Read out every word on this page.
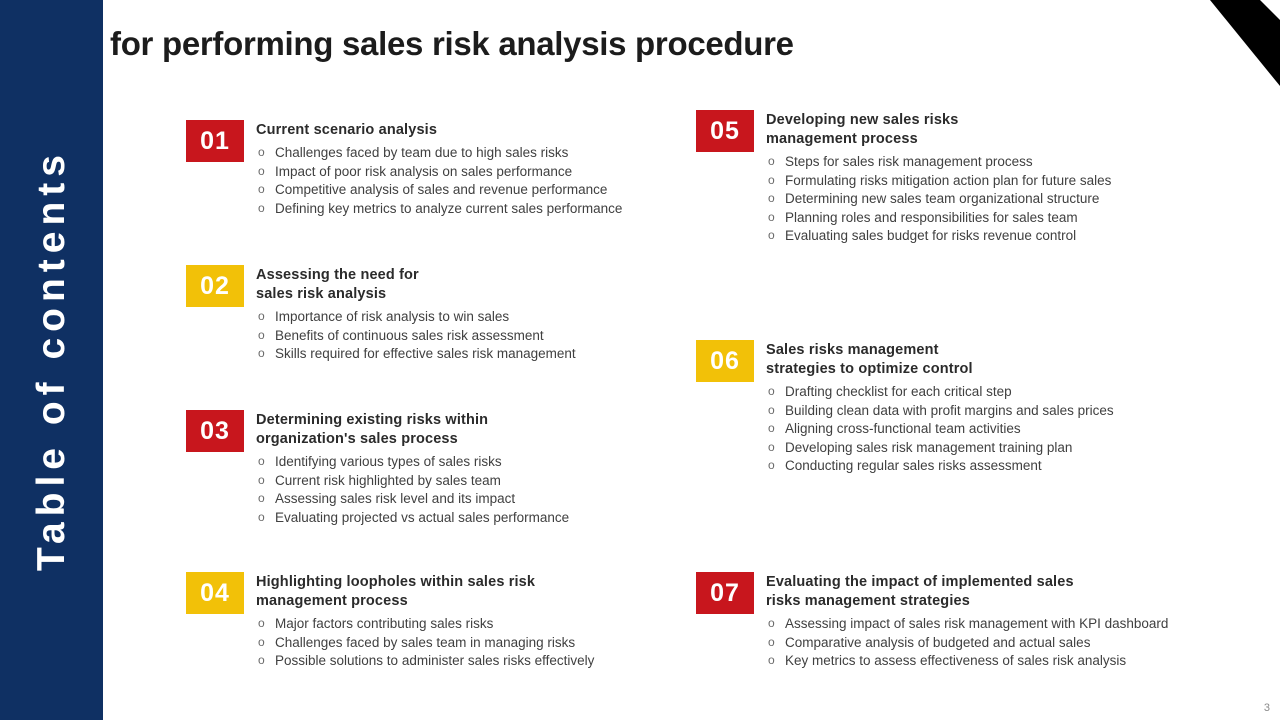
Table of contents
for performing sales risk analysis procedure
01	Current scenario analysis
o Challenges faced by team due to high sales risks
o Impact of poor risk analysis on sales performance
o Competitive analysis of sales and revenue performance
o Defining key metrics to analyze current sales performance
02	Assessing the need for
sales risk analysis
o Importance of risk analysis to win sales
o Benefits of continuous sales risk assessment
o Skills required for effective sales risk management
03	Determining existing risks within
organization's sales process
o Identifying various types of sales risks
o Current risk highlighted by sales team
o Assessing sales risk level and its impact
o Evaluating projected vs actual sales performance
04	Highlighting loopholes within sales risk
management process
o Major factors contributing sales risks
o Challenges faced by sales team in managing risks
o Possible solutions to administer sales risks effectively
05	Developing new sales risks
management process
o Steps for sales risk management process
o Formulating risks mitigation action plan for future sales
o Determining new sales team organizational structure
o Planning roles and responsibilities for sales team
o Evaluating sales budget for risks revenue control
06	Sales risks management
strategies to optimize control
o Drafting checklist for each critical step
o Building clean data with profit margins and sales prices
o Aligning cross-functional team activities
o Developing sales risk management training plan
o Conducting regular sales risks assessment
07	Evaluating the impact of implemented sales
risks management strategies
o Assessing impact of sales risk management with KPI dashboard
o Comparative analysis of budgeted and actual sales
o Key metrics to assess effectiveness of sales risk analysis
3
